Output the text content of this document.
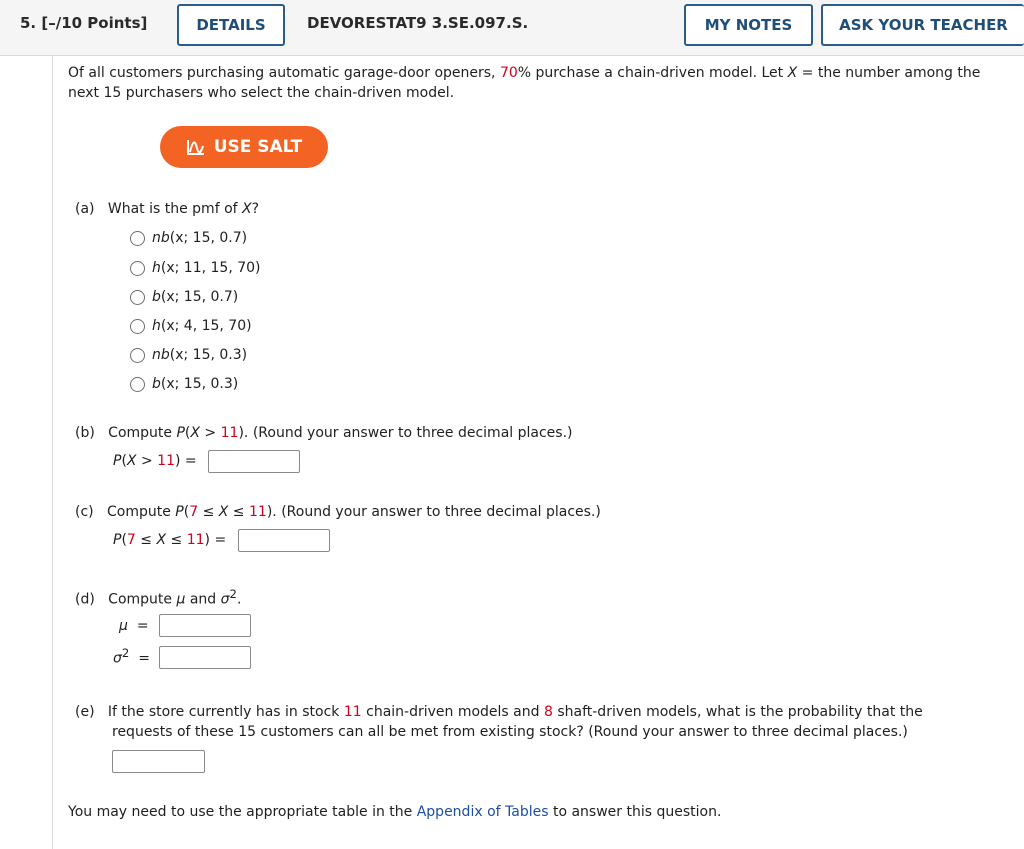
5. [–/10 Points]	DETAILS	DEVORESTAT9 3.SE.097.S.	MY NOTES	ASK YOUR TEACHER
Of all customers purchasing automatic garage-door openers, 70% purchase a chain-driven model. Let X = the number among the
next 15 purchasers who select the chain-driven model.
USE SALT
(a) What is the pmf of X?
nb(x; 15, 0.7)
h(x; 11, 15, 70)
b(x; 15, 0.7)
h(x; 4, 15, 70)
nb(x; 15, 0.3)
b(x; 15, 0.3)
(b) Compute P(X > 11). (Round your answer to three decimal places.)
P(X > 11) =
(c) Compute P(7 ≤ X ≤ 11). (Round your answer to three decimal places.)
P(7 ≤ X ≤ 11) =
(d) Compute μ and $\sigma^2$.
μ =
$\sigma^2$ =
(e) If the store currently has in stock 11 chain-driven models and 8 shaft-driven models, what is the probability that the
requests of these 15 customers can all be met from existing stock? (Round your answer to three decimal places.)
You may need to use the appropriate table in the Appendix of Tables to answer this question.
